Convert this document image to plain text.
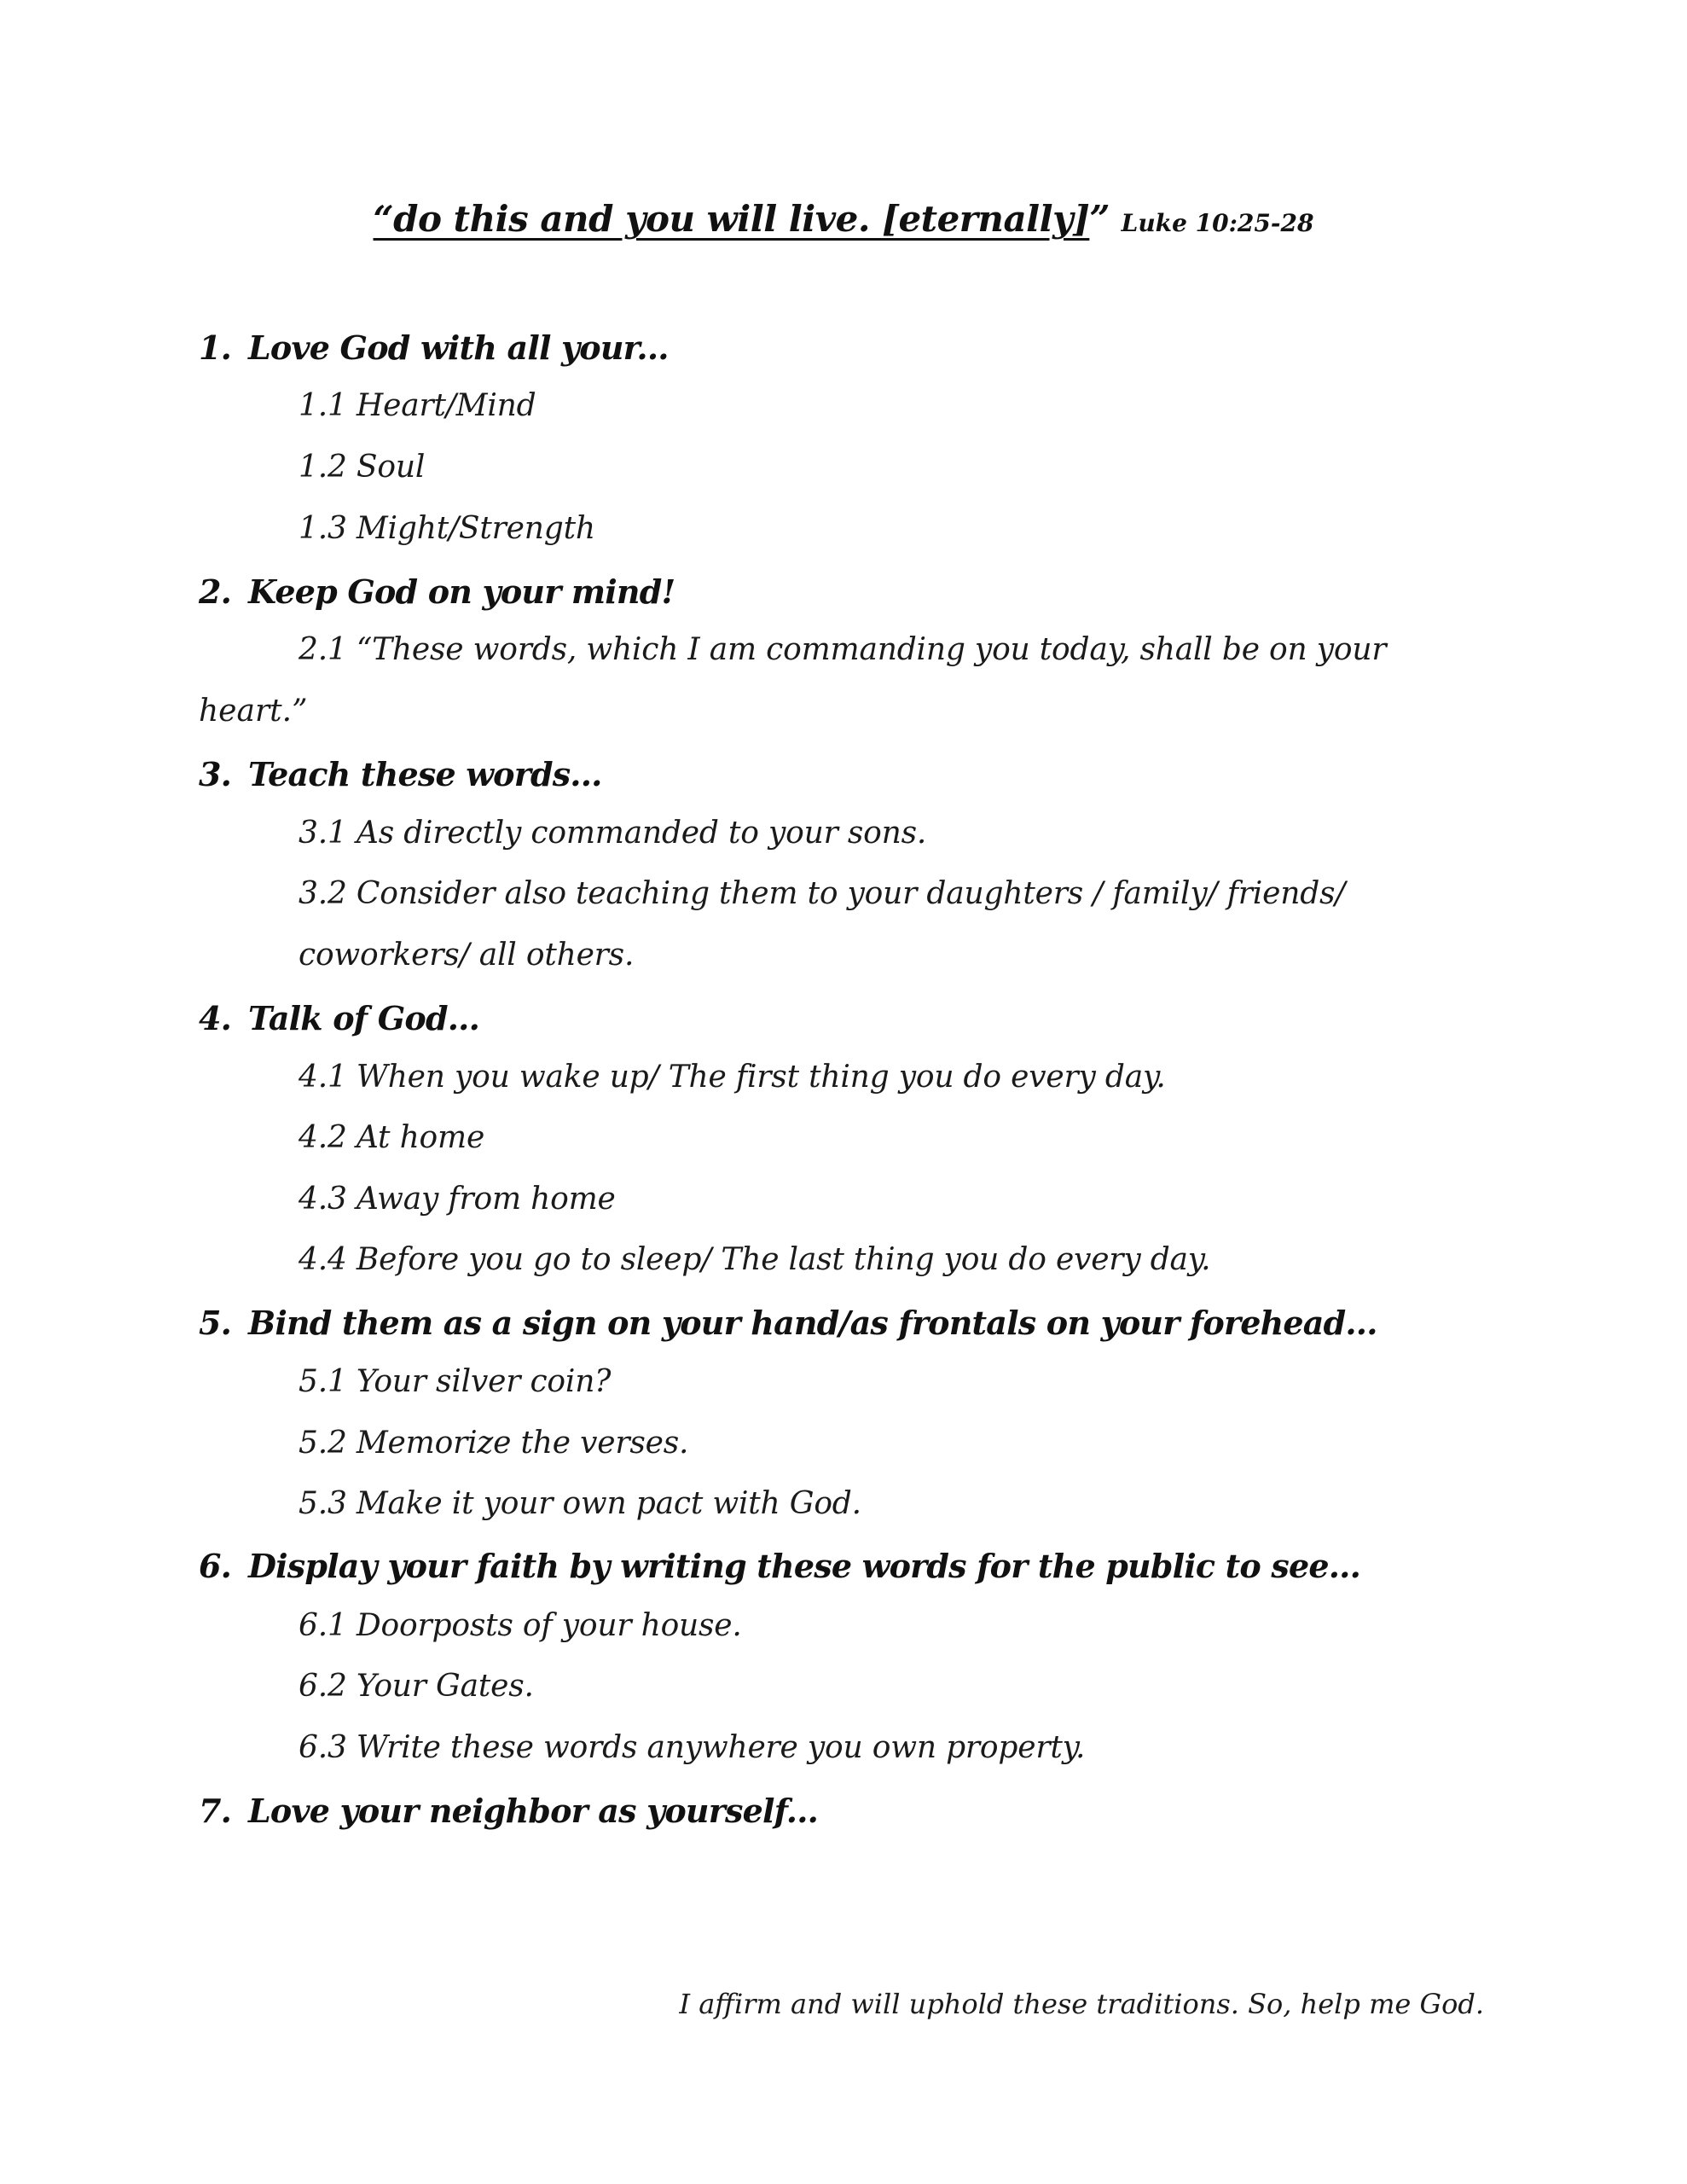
“do this and you will live. [eternally]” Luke 10:25-28
1. Love God with all your...
1.1 Heart/Mind
1.2 Soul
1.3 Might/Strength
2. Keep God on your mind!
2.1 “These words, which I am commanding you today, shall be on your
heart.”
3. Teach these words...
3.1 As directly commanded to your sons.
3.2 Consider also teaching them to your daughters / family/ friends/
coworkers/ all others.
4. Talk of God...
4.1 When you wake up/ The first thing you do every day.
4.2 At home
4.3 Away from home
4.4 Before you go to sleep/ The last thing you do every day.
5. Bind them as a sign on your hand/as frontals on your forehead...
5.1 Your silver coin?
5.2 Memorize the verses.
5.3 Make it your own pact with God.
6. Display your faith by writing these words for the public to see...
6.1 Doorposts of your house.
6.2 Your Gates.
6.3 Write these words anywhere you own property.
7. Love your neighbor as yourself...
I affirm and will uphold these traditions. So, help me God.
